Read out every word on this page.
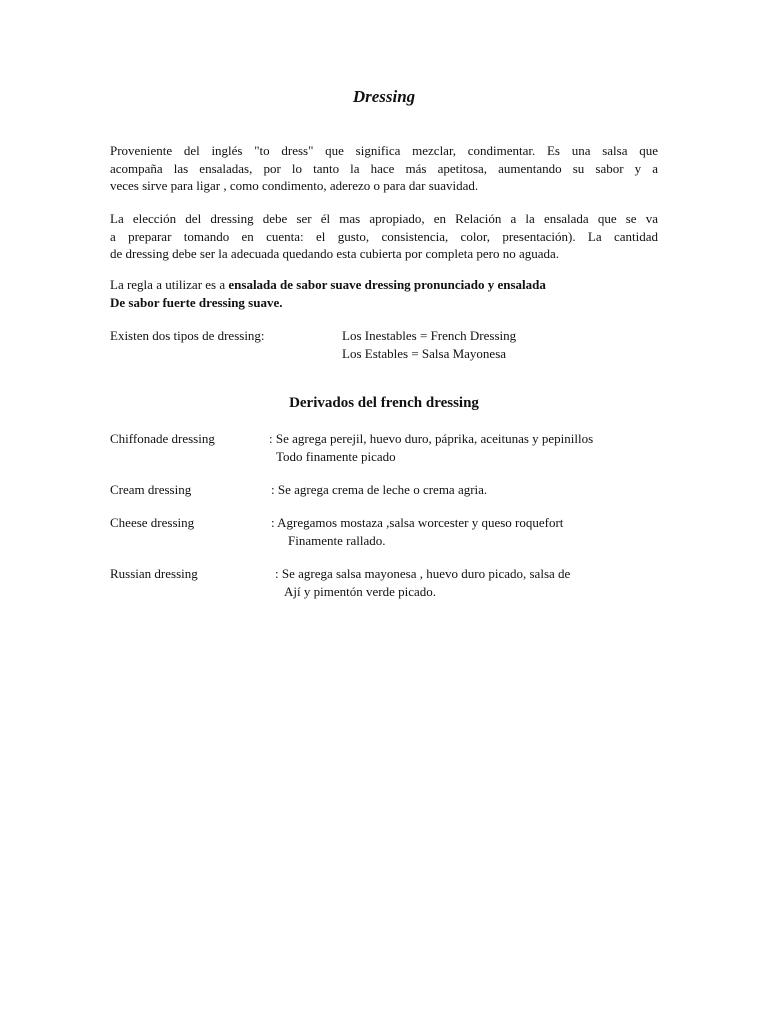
Dressing
Proveniente del inglés "to dress" que significa mezclar, condimentar. Es una salsa que
acompaña las ensaladas, por lo tanto la hace más apetitosa, aumentando su sabor y a
veces sirve para ligar , como condimento, aderezo o para dar suavidad.
La elección del dressing debe ser él mas apropiado, en Relación a la ensalada que se va
a preparar tomando en cuenta: el gusto, consistencia, color, presentación). La cantidad
de dressing debe ser la adecuada quedando esta cubierta por completa pero no aguada.
La regla a utilizar es a ensalada de sabor suave dressing pronunciado y ensalada
De sabor fuerte dressing suave.
Existen dos tipos de dressing:	Los Inestables = French Dressing
Los Estables = Salsa Mayonesa
Derivados del french dressing
Chiffonade dressing	: Se agrega perejil, huevo duro, páprika, aceitunas y pepinillos
Todo finamente picado
Cream dressing	: Se agrega crema de leche o crema agria.
Cheese dressing	: Agregamos mostaza ,salsa worcester y queso roquefort
Finamente rallado.
Russian dressing	: Se agrega salsa mayonesa , huevo duro picado, salsa de
Ají y pimentón verde picado.
